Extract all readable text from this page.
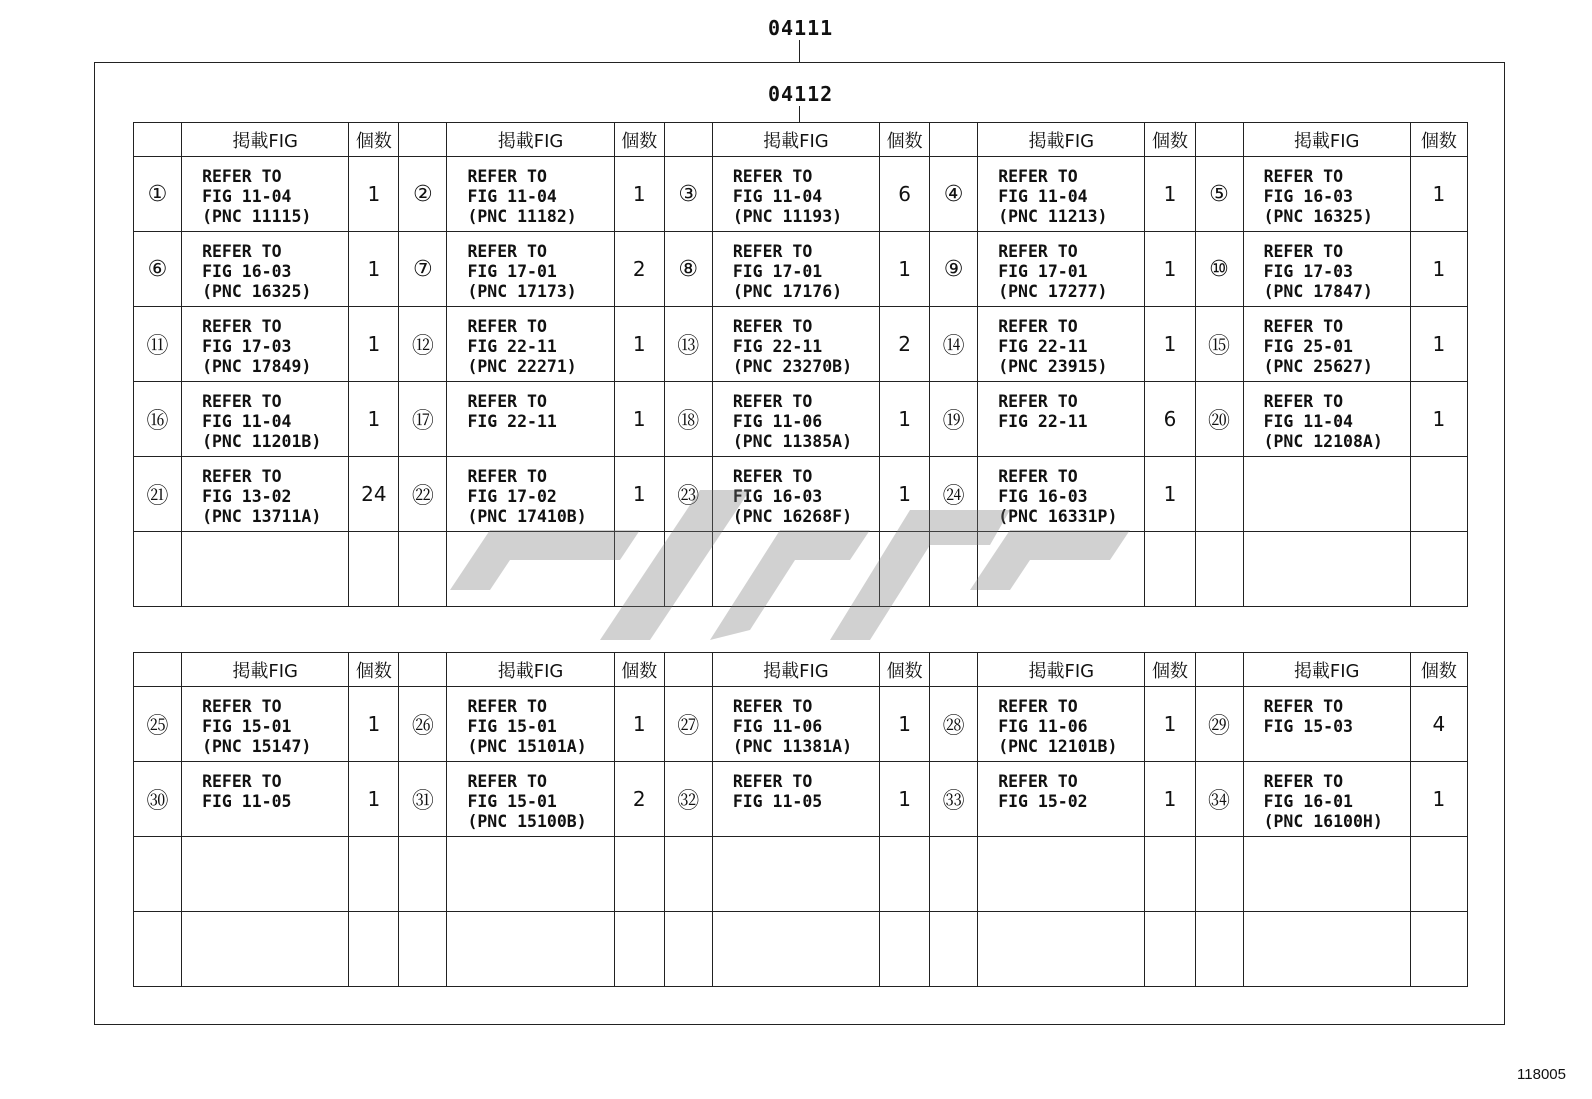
04111
04112
	掲載FIG	個数		掲載FIG	個数		掲載FIG	個数		掲載FIG	個数		掲載FIG	個数
①	REFER TO
FIG 11-04
(PNC 11115)	1	②	REFER TO
FIG 11-04
(PNC 11182)	1	③	REFER TO
FIG 11-04
(PNC 11193)	6	④	REFER TO
FIG 11-04
(PNC 11213)	1	⑤	REFER TO
FIG 16-03
(PNC 16325)	1
⑥	REFER TO
FIG 16-03
(PNC 16325)	1	⑦	REFER TO
FIG 17-01
(PNC 17173)	2	⑧	REFER TO
FIG 17-01
(PNC 17176)	1	⑨	REFER TO
FIG 17-01
(PNC 17277)	1	⑩	REFER TO
FIG 17-03
(PNC 17847)	1
⑪	REFER TO
FIG 17-03
(PNC 17849)	1	⑫	REFER TO
FIG 22-11
(PNC 22271)	1	⑬	REFER TO
FIG 22-11
(PNC 23270B)	2	⑭	REFER TO
FIG 22-11
(PNC 23915)	1	⑮	REFER TO
FIG 25-01
(PNC 25627)	1
⑯	REFER TO
FIG 11-04
(PNC 11201B)	1	⑰	REFER TO
FIG 22-11	1	⑱	REFER TO
FIG 11-06
(PNC 11385A)	1	⑲	REFER TO
FIG 22-11	6	⑳	REFER TO
FIG 11-04
(PNC 12108A)	1
㉑	REFER TO
FIG 13-02
(PNC 13711A)	24	㉒	REFER TO
FIG 17-02
(PNC 17410B)	1	㉓	REFER TO
FIG 16-03
(PNC 16268F)	1	㉔	REFER TO
FIG 16-03
(PNC 16331P)	1			

	掲載FIG	個数		掲載FIG	個数		掲載FIG	個数		掲載FIG	個数		掲載FIG	個数
㉕	REFER TO
FIG 15-01
(PNC 15147)	1	㉖	REFER TO
FIG 15-01
(PNC 15101A)	1	㉗	REFER TO
FIG 11-06
(PNC 11381A)	1	㉘	REFER TO
FIG 11-06
(PNC 12101B)	1	㉙	REFER TO
FIG 15-03	4
㉚	REFER TO
FIG 11-05	1	㉛	REFER TO
FIG 15-01
(PNC 15100B)	2	㉜	REFER TO
FIG 11-05	1	㉝	REFER TO
FIG 15-02	1	㉞	REFER TO
FIG 16-01
(PNC 16100H)	1

118005
